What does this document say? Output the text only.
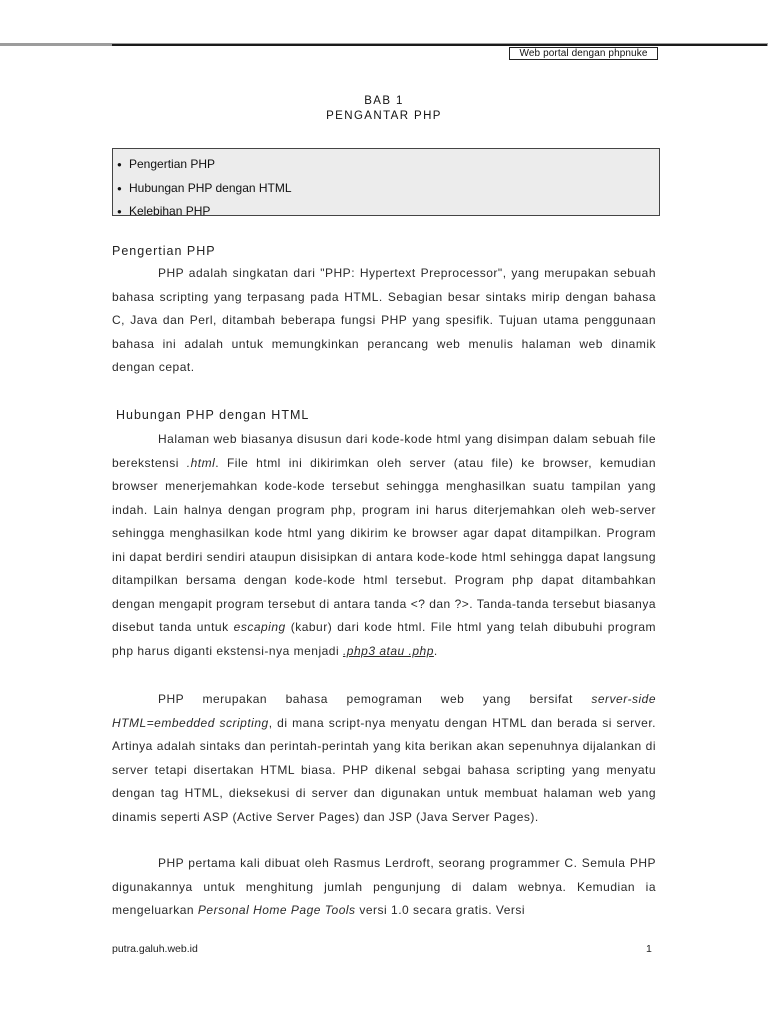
Web portal dengan phpnuke
BAB 1
PENGANTAR PHP
● Pengertian PHP
● Hubungan PHP dengan HTML
● Kelebihan PHP
Pengertian PHP

PHP adalah singkatan dari "PHP: Hypertext Preprocessor", yang merupakan sebuah bahasa scripting yang terpasang pada HTML. Sebagian besar sintaks mirip dengan bahasa C, Java dan Perl, ditambah beberapa fungsi PHP yang spesifik. Tujuan utama penggunaan bahasa ini adalah untuk memungkinkan perancang web menulis halaman web dinamik dengan cepat.

Hubungan PHP dengan HTML

Halaman web biasanya disusun dari kode-kode html yang disimpan dalam sebuah file berekstensi .html. File html ini dikirimkan oleh server (atau file) ke browser, kemudian browser menerjemahkan kode-kode tersebut sehingga menghasilkan suatu tampilan yang indah. Lain halnya dengan program php, program ini harus diterjemahkan oleh web-server sehingga menghasilkan kode html yang dikirim ke browser agar dapat ditampilkan. Program ini dapat berdiri sendiri ataupun disisipkan di antara kode-kode html sehingga dapat langsung ditampilkan bersama dengan kode-kode html tersebut. Program php dapat ditambahkan dengan mengapit program tersebut di antara tanda <? dan ?>. Tanda-tanda tersebut biasanya disebut tanda untuk escaping (kabur) dari kode html. File html yang telah dibubuhi program php harus diganti ekstensi-nya menjadi .php3 atau .php.

PHP merupakan bahasa pemograman web yang bersifat server-side HTML=embedded scripting, di mana script-nya menyatu dengan HTML dan berada si server. Artinya adalah sintaks dan perintah-perintah yang kita berikan akan sepenuhnya dijalankan di server tetapi disertakan HTML biasa. PHP dikenal sebgai bahasa scripting yang menyatu dengan tag HTML, dieksekusi di server dan digunakan untuk membuat halaman web yang dinamis seperti ASP (Active Server Pages) dan JSP (Java Server Pages).

PHP pertama kali dibuat oleh Rasmus Lerdroft, seorang programmer C. Semula PHP digunakannya untuk menghitung jumlah pengunjung di dalam webnya. Kemudian ia mengeluarkan Personal Home Page Tools versi 1.0 secara gratis. Versi

putra.galuh.web.id	1
